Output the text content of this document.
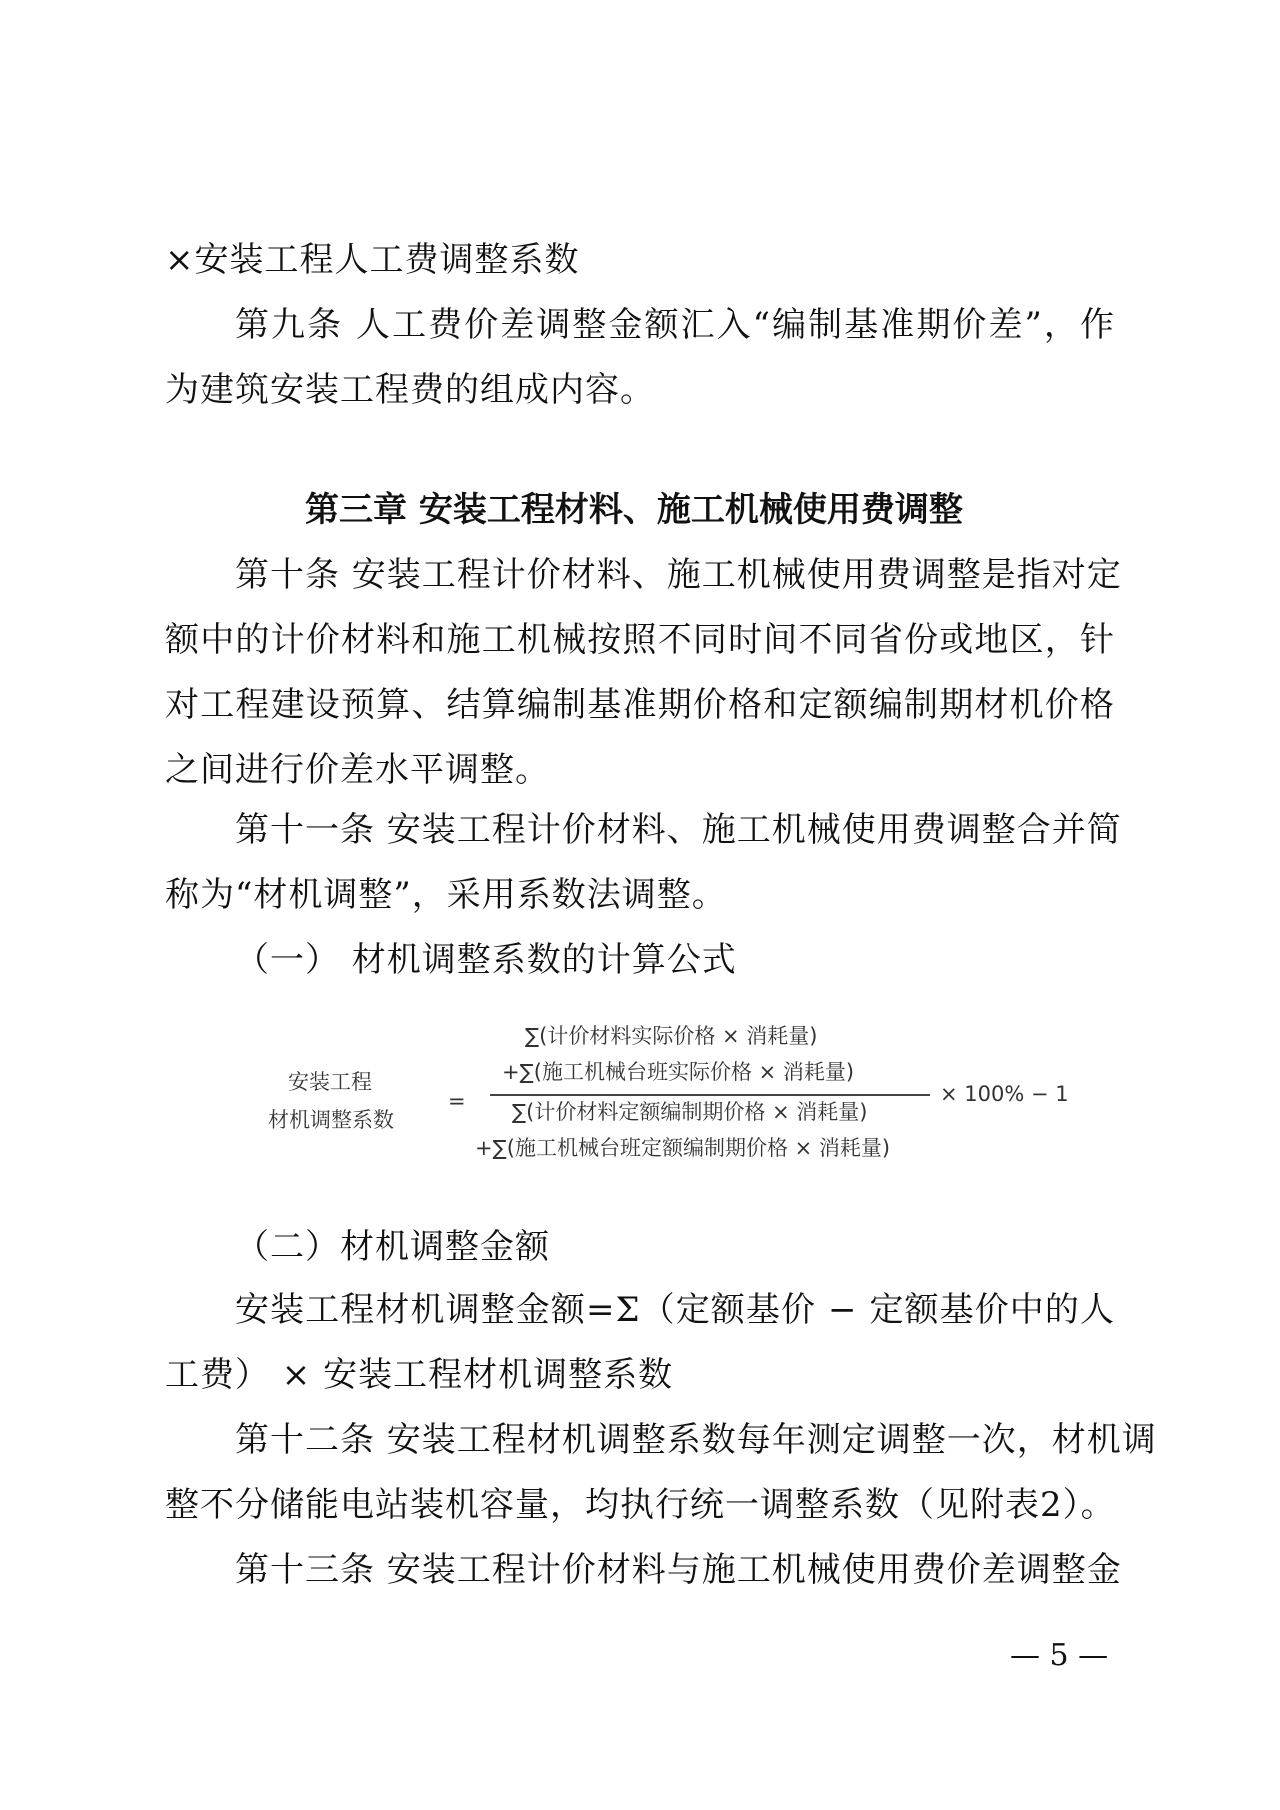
×安装工程人工费调整系数
第九条 人工费价差调整金额汇入“编制基准期价差”，作
为建筑安装工程费的组成内容。
第三章 安装工程材料、施工机械使用费调整
第十条 安装工程计价材料、施工机械使用费调整是指对定
额中的计价材料和施工机械按照不同时间不同省份或地区，针
对工程建设预算、结算编制基准期价格和定额编制期材机价格
之间进行价差水平调整。
第十一条 安装工程计价材料、施工机械使用费调整合并简
称为“材机调整”，采用系数法调整。
（一） 材机调整系数的计算公式
安装工程
材机调整系数
=
∑(计价材料实际价格 × 消耗量)
+∑(施工机械台班实际价格 × 消耗量)
∑(计价材料定额编制期价格 × 消耗量)
+∑(施工机械台班定额编制期价格 × 消耗量)
× 100% − 1
（二）材机调整金额
安装工程材机调整金额=Σ（定额基价 − 定额基价中的人
工费） × 安装工程材机调整系数
第十二条 安装工程材机调整系数每年测定调整一次，材机调
整不分储能电站装机容量，均执行统一调整系数（见附表2）。
第十三条 安装工程计价材料与施工机械使用费价差调整金
— 5 —
